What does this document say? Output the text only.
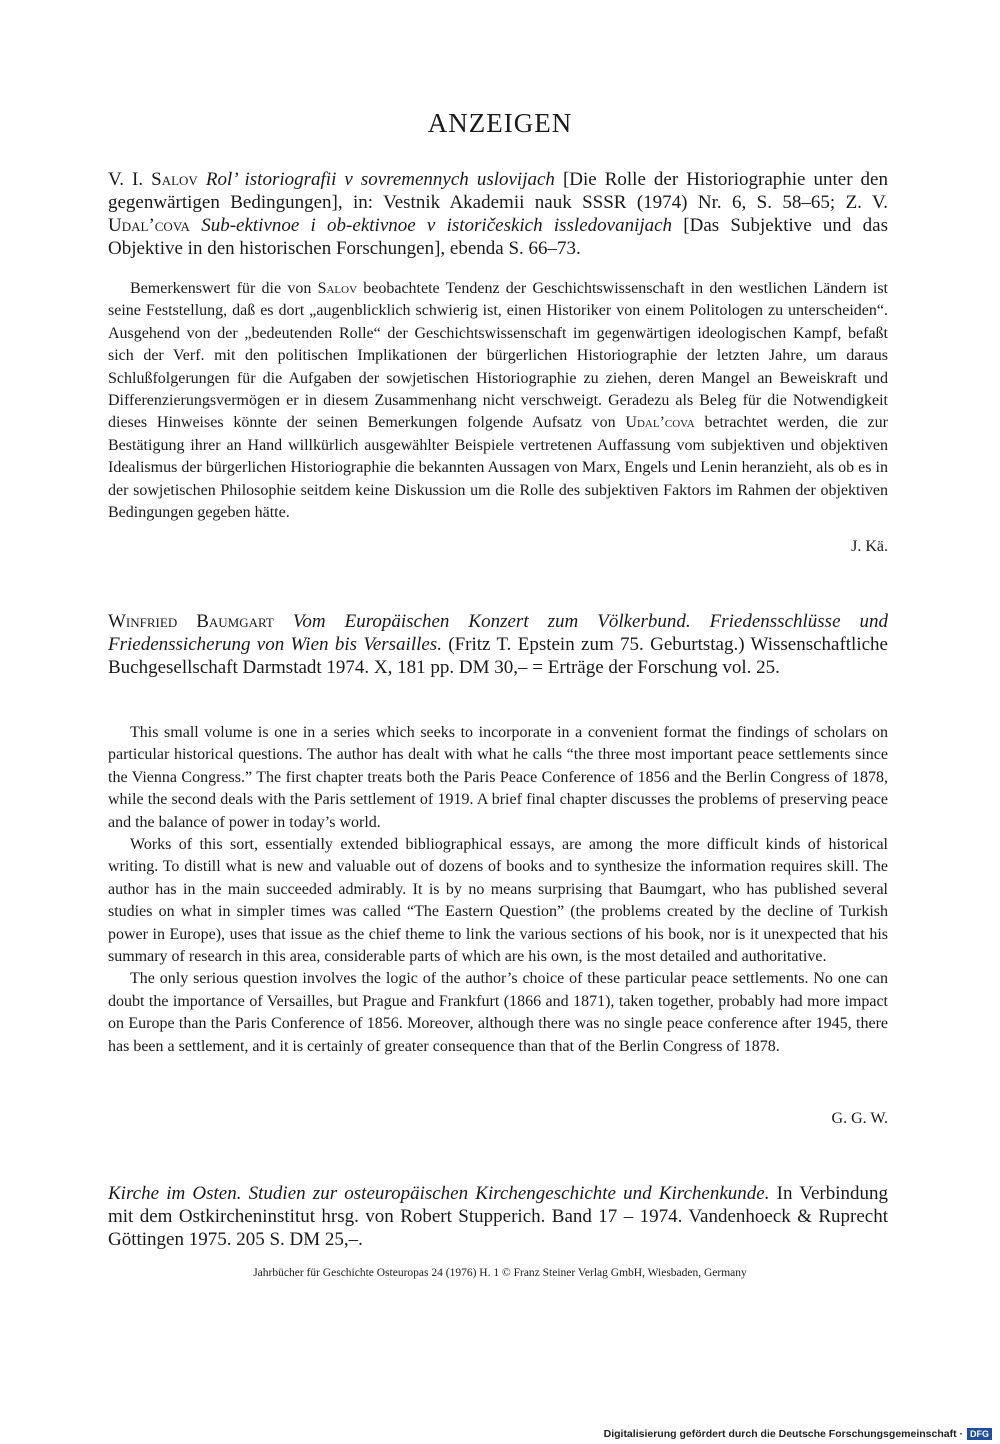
ANZEIGEN

V. I. Salov Rol’ istoriografii v sovremennych uslovijach [Die Rolle der Historiographie unter den gegenwärtigen Bedingungen], in: Vestnik Akademii nauk SSSR (1974) Nr. 6, S. 58–65; Z. V. Udal’cova Sub-ektivnoe i ob-ektivnoe v istoričeskich issledovanijach [Das Subjektive und das Objektive in den historischen Forschungen], ebenda S. 66–73.

Bemerkenswert für die von Salov beobachtete Tendenz der Geschichtswissenschaft in den westlichen Ländern ist seine Feststellung, daß es dort „augenblicklich schwierig ist, einen Historiker von einem Politologen zu unterscheiden“. Ausgehend von der „bedeutenden Rolle“ der Geschichtswissenschaft im gegenwärtigen ideologischen Kampf, befaßt sich der Verf. mit den politischen Implikationen der bürgerlichen Historiographie der letzten Jahre, um daraus Schlußfolgerungen für die Aufgaben der sowjetischen Historiographie zu ziehen, deren Mangel an Beweiskraft und Differenzierungsvermögen er in diesem Zusammenhang nicht verschweigt. Geradezu als Beleg für die Notwendigkeit dieses Hinweises könnte der seinen Bemerkungen folgende Aufsatz von Udal’cova betrachtet werden, die zur Bestätigung ihrer an Hand willkürlich ausgewählter Beispiele vertretenen Auffassung vom subjektiven und objektiven Idealismus der bürgerlichen Historiographie die bekannten Aussagen von Marx, Engels und Lenin heranzieht, als ob es in der sowjetischen Philosophie seitdem keine Diskussion um die Rolle des subjektiven Faktors im Rahmen der objektiven Bedingungen gegeben hätte.

J. Kä.

Winfried Baumgart Vom Europäischen Konzert zum Völkerbund. Friedensschlüsse und Friedenssicherung von Wien bis Versailles. (Fritz T. Epstein zum 75. Geburtstag.) Wissenschaftliche Buchgesellschaft Darmstadt 1974. X, 181 pp. DM 30,– = Erträge der Forschung vol. 25.

This small volume is one in a series which seeks to incorporate in a convenient format the findings of scholars on particular historical questions. The author has dealt with what he calls “the three most important peace settlements since the Vienna Congress.” The first chapter treats both the Paris Peace Conference of 1856 and the Berlin Congress of 1878, while the second deals with the Paris settlement of 1919. A brief final chapter discusses the problems of preserving peace and the balance of power in today’s world.

Works of this sort, essentially extended bibliographical essays, are among the more difficult kinds of historical writing. To distill what is new and valuable out of dozens of books and to synthesize the information requires skill. The author has in the main succeeded admirably. It is by no means surprising that Baumgart, who has published several studies on what in simpler times was called “The Eastern Question” (the problems created by the decline of Turkish power in Europe), uses that issue as the chief theme to link the various sections of his book, nor is it unexpected that his summary of research in this area, considerable parts of which are his own, is the most detailed and authoritative.

The only serious question involves the logic of the author’s choice of these particular peace settlements. No one can doubt the importance of Versailles, but Prague and Frankfurt (1866 and 1871), taken together, probably had more impact on Europe than the Paris Conference of 1856. Moreover, although there was no single peace conference after 1945, there has been a settlement, and it is certainly of greater consequence than that of the Berlin Congress of 1878.

G. G. W.

Kirche im Osten. Studien zur osteuropäischen Kirchengeschichte und Kirchenkunde. In Verbindung mit dem Ostkircheninstitut hrsg. von Robert Stupperich. Band 17 – 1974. Vandenhoeck & Ruprecht Göttingen 1975. 205 S. DM 25,–.

Jahrbücher für Geschichte Osteuropas 24 (1976) H. 1 © Franz Steiner Verlag GmbH, Wiesbaden, Germany

Digitalisierung gefördert durch die Deutsche Forschungsgemeinschaft · DFG
